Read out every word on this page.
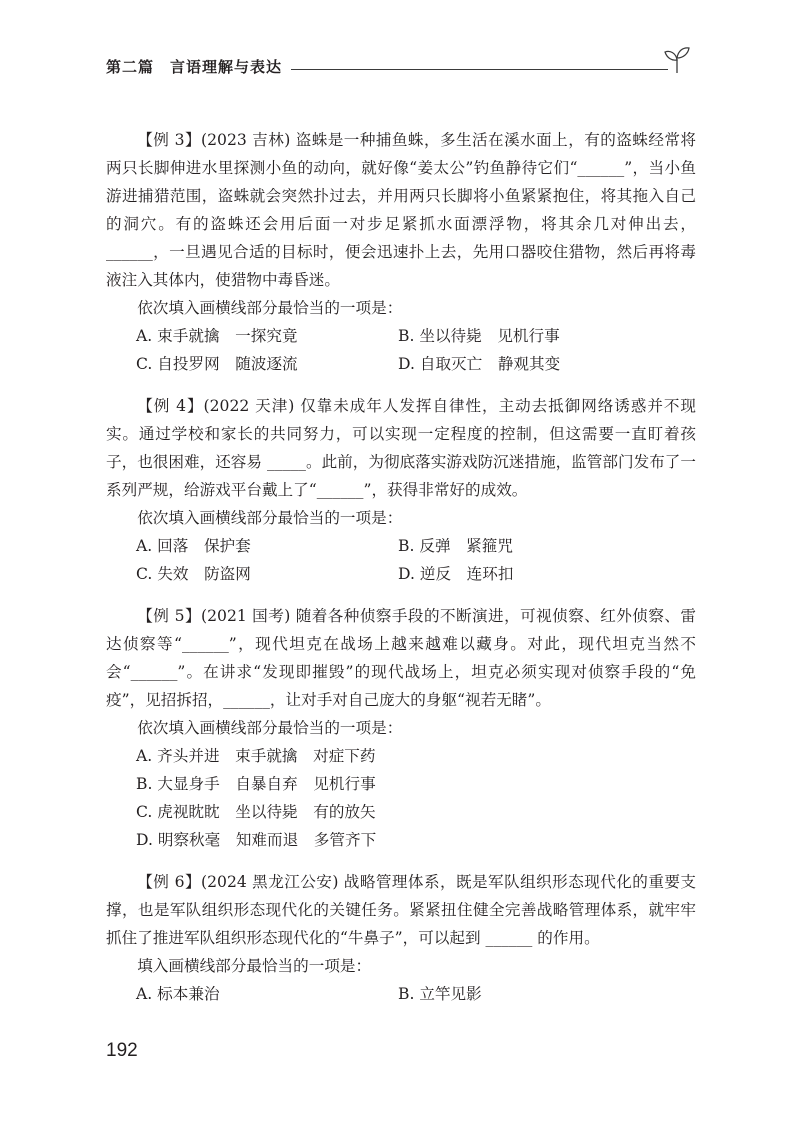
第二篇　言语理解与表达

【例 3】(2023 吉林) 盗蛛是一种捕鱼蛛，多生活在溪水面上，有的盗蛛经常将两只长脚伸进水里探测小鱼的动向，就好像“姜太公”钓鱼静待它们“______”，当小鱼游进捕猎范围，盗蛛就会突然扑过去，并用两只长脚将小鱼紧紧抱住，将其拖入自己的洞穴。有的盗蛛还会用后面一对步足紧抓水面漂浮物，将其余几对伸出去，______，一旦遇见合适的目标时，便会迅速扑上去，先用口器咬住猎物，然后再将毒液注入其体内，使猎物中毒昏迷。

依次填入画横线部分最恰当的一项是：

A. 束手就擒　一探究竟	B. 坐以待毙　见机行事
C. 自投罗网　随波逐流	D. 自取灭亡　静观其变

【例 4】(2022 天津) 仅靠未成年人发挥自律性，主动去抵御网络诱惑并不现实。通过学校和家长的共同努力，可以实现一定程度的控制，但这需要一直盯着孩子，也很困难，还容易 _____。此前，为彻底落实游戏防沉迷措施，监管部门发布了一系列严规，给游戏平台戴上了“______”，获得非常好的成效。

依次填入画横线部分最恰当的一项是：

A. 回落　保护套	B. 反弹　紧箍咒
C. 失效　防盗网	D. 逆反　连环扣

【例 5】(2021 国考) 随着各种侦察手段的不断演进，可视侦察、红外侦察、雷达侦察等“______”，现代坦克在战场上越来越难以藏身。对此，现代坦克当然不会“______”。在讲求“发现即摧毁”的现代战场上，坦克必须实现对侦察手段的“免疫”，见招拆招，______，让对手对自己庞大的身躯“视若无睹”。

依次填入画横线部分最恰当的一项是：

A. 齐头并进　束手就擒　对症下药
B. 大显身手　自暴自弃　见机行事
C. 虎视眈眈　坐以待毙　有的放矢
D. 明察秋毫　知难而退　多管齐下

【例 6】(2024 黑龙江公安) 战略管理体系，既是军队组织形态现代化的重要支撑，也是军队组织形态现代化的关键任务。紧紧扭住健全完善战略管理体系，就牢牢抓住了推进军队组织形态现代化的“牛鼻子”，可以起到 ______ 的作用。

填入画横线部分最恰当的一项是：

A. 标本兼治	B. 立竿见影
192
